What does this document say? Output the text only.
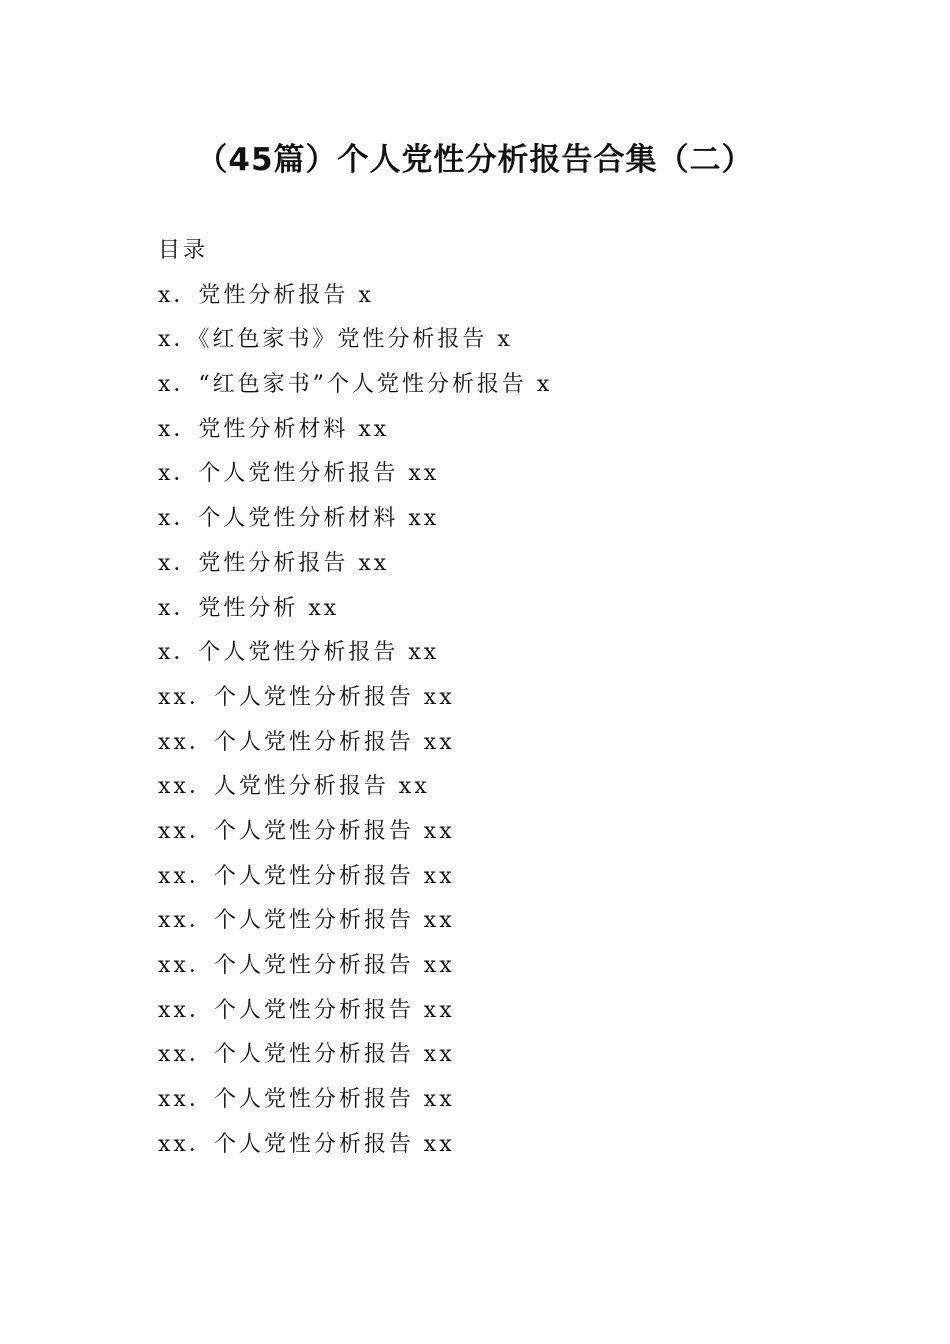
（45篇）个人党性分析报告合集（二）
目录
x．党性分析报告 x
x．《红色家书》党性分析报告 x
x．“红色家书”个人党性分析报告 x
x．党性分析材料 xx
x．个人党性分析报告 xx
x．个人党性分析材料 xx
x．党性分析报告 xx
x．党性分析 xx
x．个人党性分析报告 xx
xx．个人党性分析报告 xx
xx．个人党性分析报告 xx
xx．人党性分析报告 xx
xx．个人党性分析报告 xx
xx．个人党性分析报告 xx
xx．个人党性分析报告 xx
xx．个人党性分析报告 xx
xx．个人党性分析报告 xx
xx．个人党性分析报告 xx
xx．个人党性分析报告 xx
xx．个人党性分析报告 xx
